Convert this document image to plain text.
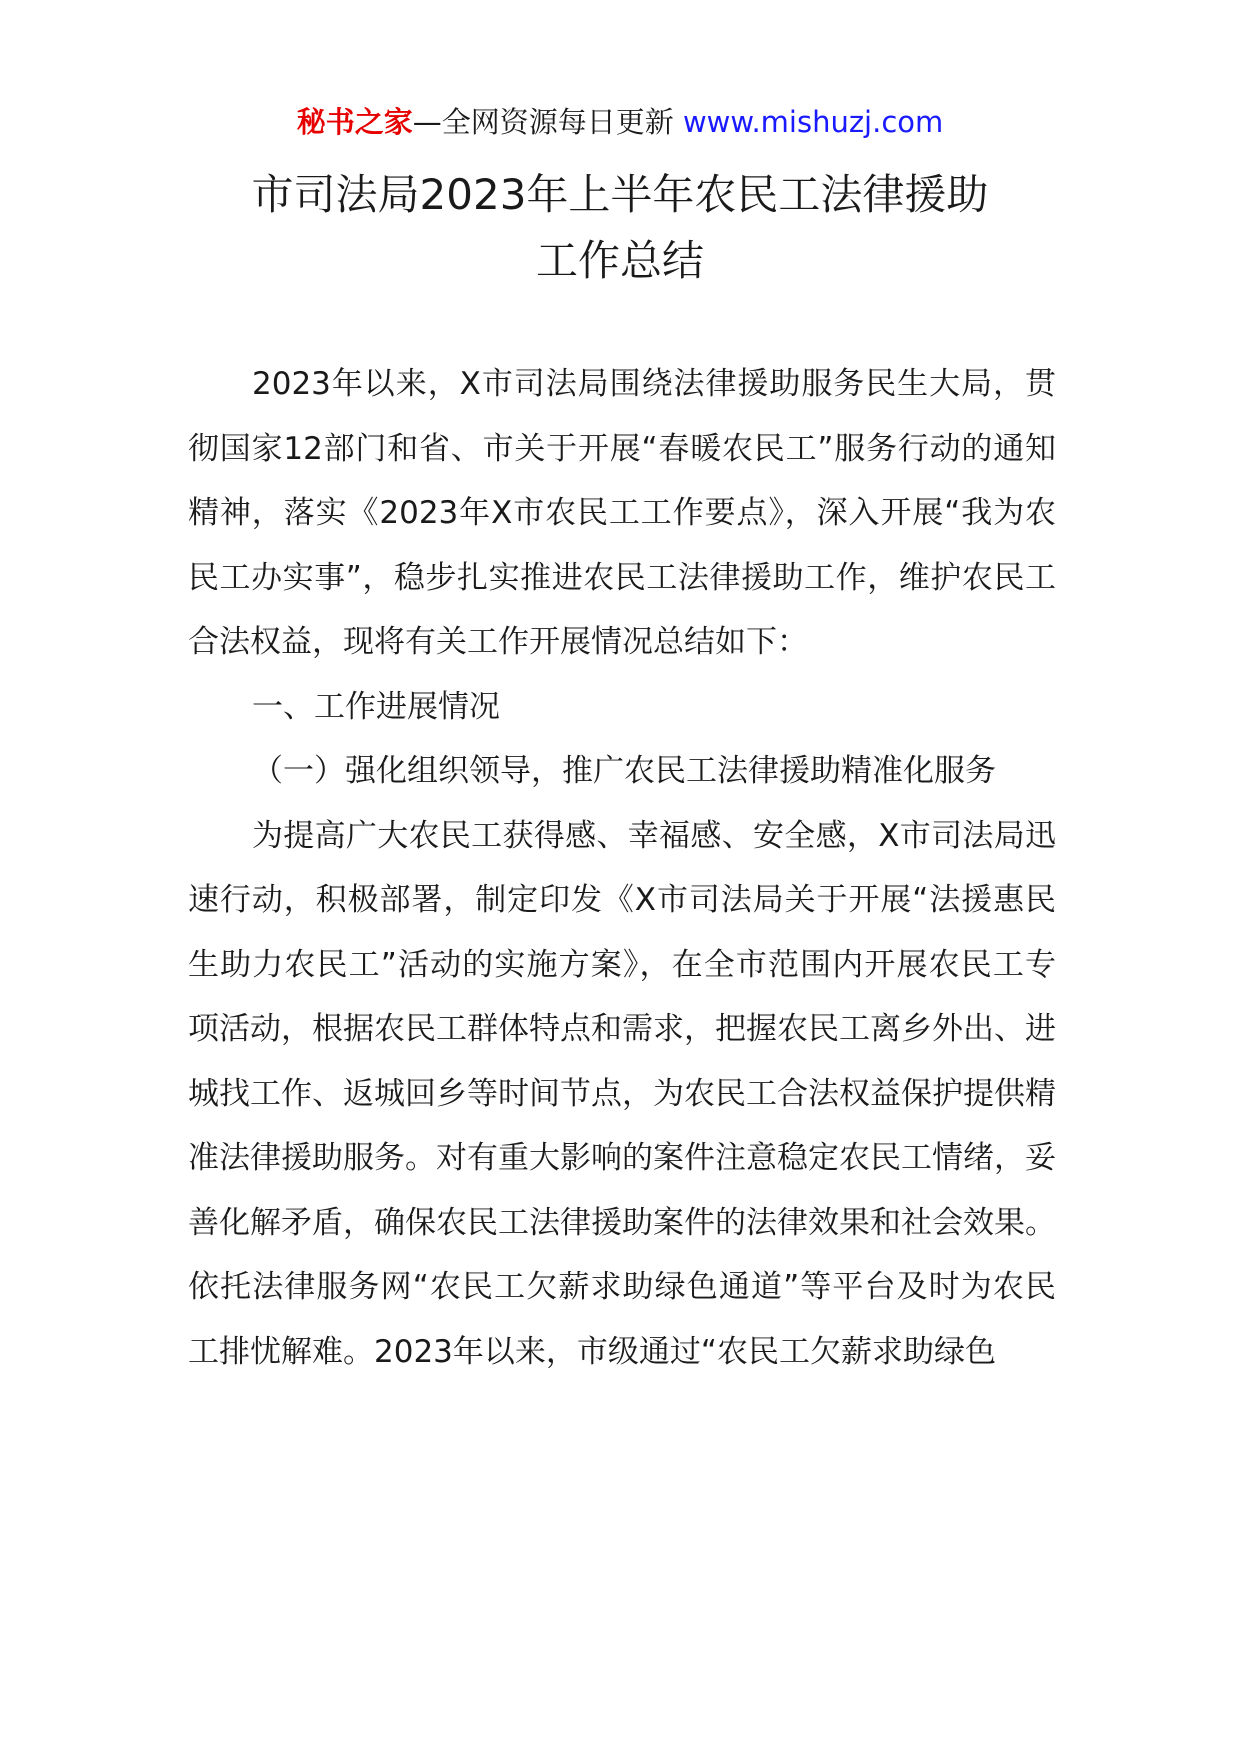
秘书之家—全网资源每日更新 www.mishuzj.com
市司法局2023年上半年农民工法律援助
工作总结

2023年以来，X市司法局围绕法律援助服务民生大局，贯彻国家12部门和省、市关于开展“春暖农民工”服务行动的通知精神，落实《2023年X市农民工工作要点》，深入开展“我为农民工办实事”，稳步扎实推进农民工法律援助工作，维护农民工合法权益，现将有关工作开展情况总结如下：

一、工作进展情况

（一）强化组织领导，推广农民工法律援助精准化服务

为提高广大农民工获得感、幸福感、安全感，X市司法局迅速行动，积极部署，制定印发《X市司法局关于开展“法援惠民生助力农民工”活动的实施方案》，在全市范围内开展农民工专项活动，根据农民工群体特点和需求，把握农民工离乡外出、进城找工作、返城回乡等时间节点，为农民工合法权益保护提供精准法律援助服务。对有重大影响的案件注意稳定农民工情绪，妥善化解矛盾，确保农民工法律援助案件的法律效果和社会效果。依托法律服务网“农民工欠薪求助绿色通道”等平台及时为农民工排忧解难。2023年以来，市级通过“农民工欠薪求助绿色
